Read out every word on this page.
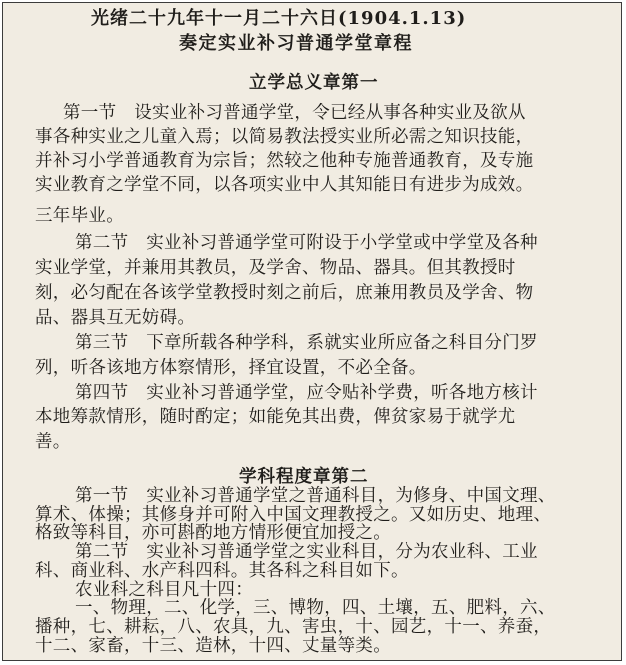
光绪二十九年十一月二十六日(1904.1.13)
奏定实业补习普通学堂章程
立学总义章第一
第一节　设实业补习普通学堂，令已经从事各种实业及欲从
事各种实业之儿童入焉；以简易教法授实业所必需之知识技能，
并补习小学普通教育为宗旨；然较之他种专施普通教育，及专施
实业教育之学堂不同，以各项实业中人其知能日有进步为成效。
三年毕业。
第二节　实业补习普通学堂可附设于小学堂或中学堂及各种
实业学堂，并兼用其教员，及学舍、物品、器具。但其教授时
刻，必匀配在各该学堂教授时刻之前后，庶兼用教员及学舍、物
品、器具互无妨碍。
第三节　下章所载各种学科，系就实业所应备之科目分门罗
列，听各该地方体察情形，择宜设置，不必全备。
第四节　实业补习普通学堂，应令贴补学费，听各地方核计
本地筹款情形，随时酌定；如能免其出费，俾贫家易于就学尤
善。
学科程度章第二
第一节　实业补习普通学堂之普通科目，为修身、中国文理、
算术、体操；其修身并可附入中国文理教授之。又如历史、地理、
格致等科目，亦可斟酌地方情形便宜加授之。
第二节　实业补习普通学堂之实业科目，分为农业科、工业
科、商业科、水产科四科。其各科之科目如下。
农业科之科目凡十四：
一、物理，二、化学，三、博物，四、土壤，五、肥料，六、
播种，七、耕耘，八、农具，九、害虫，十、园艺，十一、养蚕，
十二、家畜，十三、造林，十四、丈量等类。
